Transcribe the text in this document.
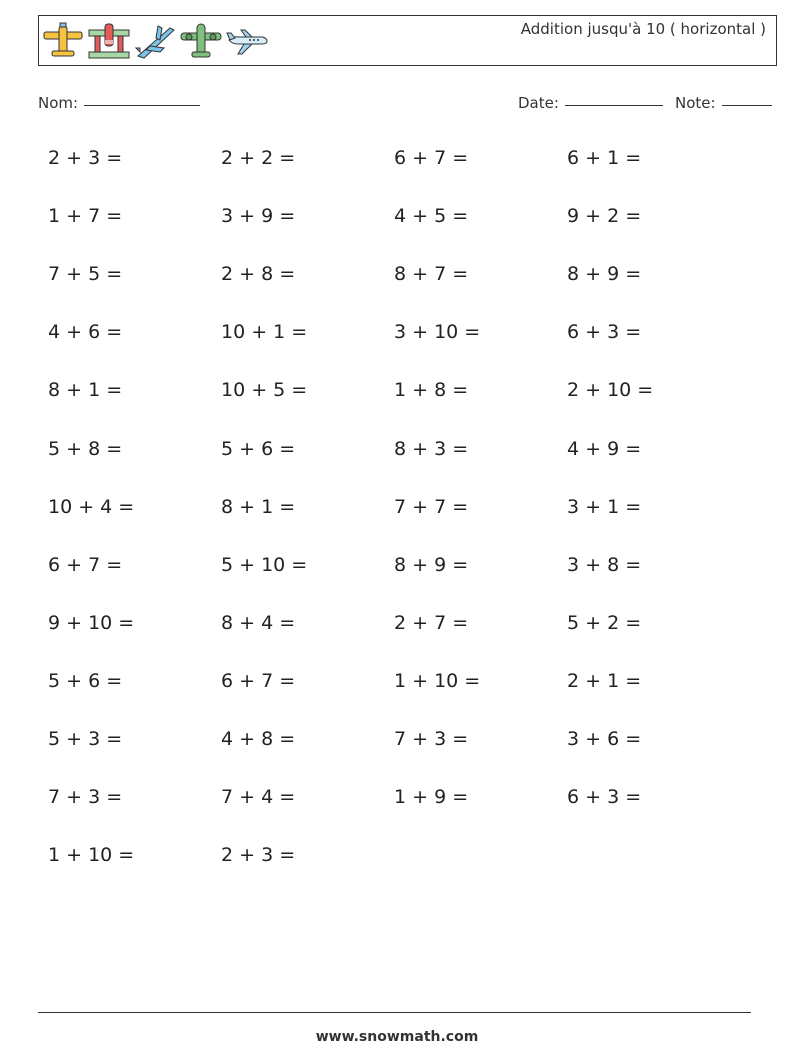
Addition jusqu'à 10 ( horizontal )
Nom:	Date:	Note:
2 + 3 =	2 + 2 =	6 + 7 =	6 + 1 =
1 + 7 =	3 + 9 =	4 + 5 =	9 + 2 =
7 + 5 =	2 + 8 =	8 + 7 =	8 + 9 =
4 + 6 =	10 + 1 =	3 + 10 =	6 + 3 =
8 + 1 =	10 + 5 =	1 + 8 =	2 + 10 =
5 + 8 =	5 + 6 =	8 + 3 =	4 + 9 =
10 + 4 =	8 + 1 =	7 + 7 =	3 + 1 =
6 + 7 =	5 + 10 =	8 + 9 =	3 + 8 =
9 + 10 =	8 + 4 =	2 + 7 =	5 + 2 =
5 + 6 =	6 + 7 =	1 + 10 =	2 + 1 =
5 + 3 =	4 + 8 =	7 + 3 =	3 + 6 =
7 + 3 =	7 + 4 =	1 + 9 =	6 + 3 =
1 + 10 =	2 + 3 =
www.snowmath.com
